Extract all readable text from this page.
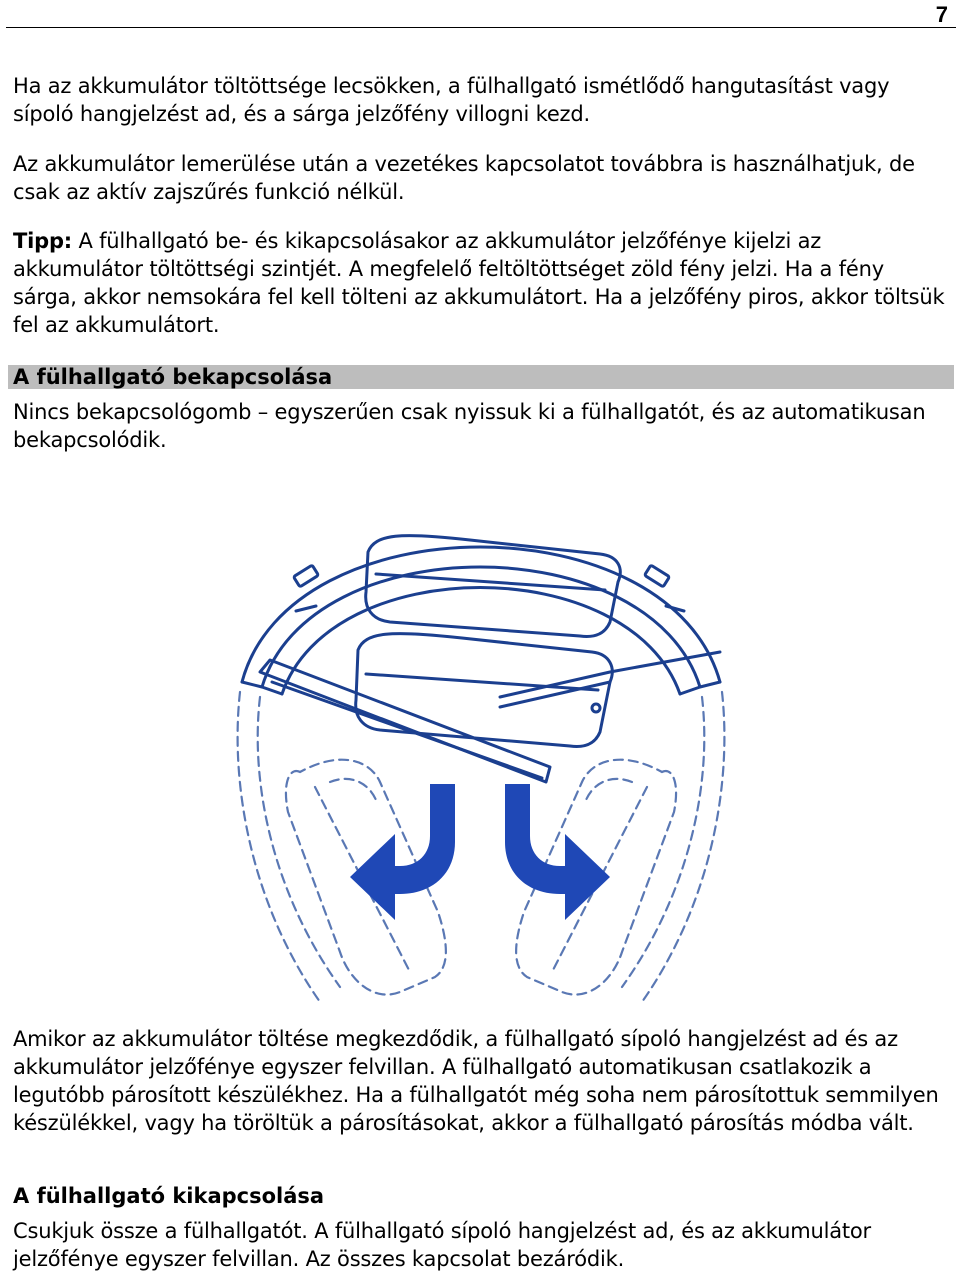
7
Ha az akkumulátor töltöttsége lecsökken, a fülhallgató ismétlődő hangutasítást vagy sípoló hangjelzést ad, és a sárga jelzőfény villogni kezd.
Az akkumulátor lemerülése után a vezetékes kapcsolatot továbbra is használhatjuk, de csak az aktív zajszűrés funkció nélkül.
Tipp: A fülhallgató be- és kikapcsolásakor az akkumulátor jelzőfénye kijelzi az akkumulátor töltöttségi szintjét. A megfelelő feltöltöttséget zöld fény jelzi. Ha a fény sárga, akkor nemsokára fel kell tölteni az akkumulátort. Ha a jelzőfény piros, akkor töltsük fel az akkumulátort.
A fülhallgató bekapcsolása
Nincs bekapcsológomb – egyszerűen csak nyissuk ki a fülhallgatót, és az automatikusan bekapcsolódik.
Amikor az akkumulátor töltése megkezdődik, a fülhallgató sípoló hangjelzést ad és az akkumulátor jelzőfénye egyszer felvillan. A fülhallgató automatikusan csatlakozik a legutóbb párosított készülékhez. Ha a fülhallgatót még soha nem párosítottuk semmilyen készülékkel, vagy ha töröltük a párosításokat, akkor a fülhallgató párosítás módba vált.
A fülhallgató kikapcsolása
Csukjuk össze a fülhallgatót. A fülhallgató sípoló hangjelzést ad, és az akkumulátor jelzőfénye egyszer felvillan. Az összes kapcsolat bezáródik.
